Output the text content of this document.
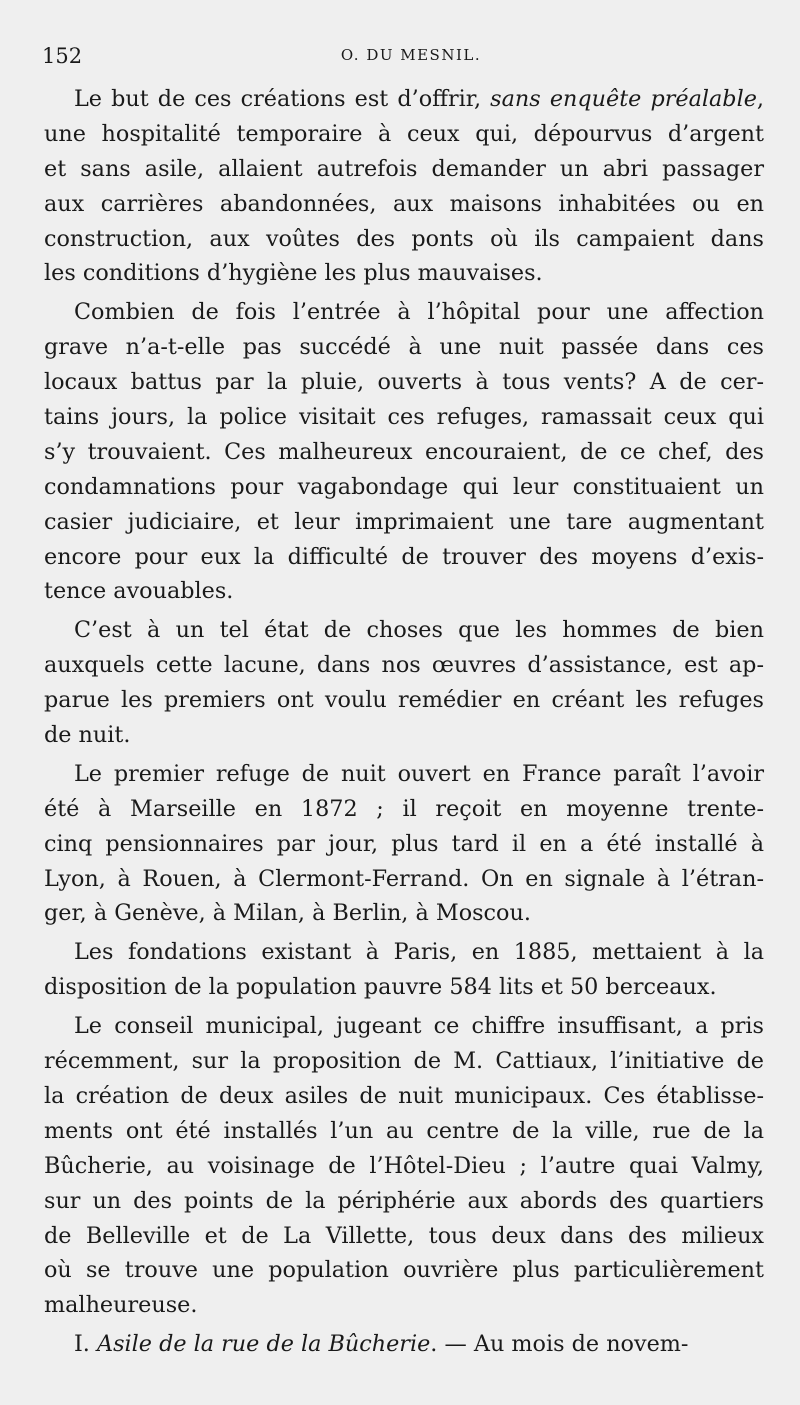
152	O. DU MESNIL.
Le but de ces créations est d’offrir, sans enquête préalable,
une hospitalité temporaire à ceux qui, dépourvus d’argent
et sans asile, allaient autrefois demander un abri passager
aux carrières abandonnées, aux maisons inhabitées ou en
construction, aux voûtes des ponts où ils campaient dans
les conditions d’hygiène les plus mauvaises.
Combien de fois l’entrée à l’hôpital pour une affection
grave n’a-t-elle pas succédé à une nuit passée dans ces
locaux battus par la pluie, ouverts à tous vents? A de cer-
tains jours, la police visitait ces refuges, ramassait ceux qui
s’y trouvaient. Ces malheureux encouraient, de ce chef, des
condamnations pour vagabondage qui leur constituaient un
casier judiciaire, et leur imprimaient une tare augmentant
encore pour eux la difficulté de trouver des moyens d’exis-
tence avouables.
C’est à un tel état de choses que les hommes de bien
auxquels cette lacune, dans nos œuvres d’assistance, est ap-
parue les premiers ont voulu remédier en créant les refuges
de nuit.
Le premier refuge de nuit ouvert en France paraît l’avoir
été à Marseille en 1872 ; il reçoit en moyenne trente-
cinq pensionnaires par jour, plus tard il en a été installé à
Lyon, à Rouen, à Clermont-Ferrand. On en signale à l’étran-
ger, à Genève, à Milan, à Berlin, à Moscou.
Les fondations existant à Paris, en 1885, mettaient à la
disposition de la population pauvre 584 lits et 50 berceaux.
Le conseil municipal, jugeant ce chiffre insuffisant, a pris
récemment, sur la proposition de M. Cattiaux, l’initiative de
la création de deux asiles de nuit municipaux. Ces établisse-
ments ont été installés l’un au centre de la ville, rue de la
Bûcherie, au voisinage de l’Hôtel-Dieu ; l’autre quai Valmy,
sur un des points de la périphérie aux abords des quartiers
de Belleville et de La Villette, tous deux dans des milieux
où se trouve une population ouvrière plus particulièrement
malheureuse.
I. Asile de la rue de la Bûcherie. — Au mois de novem-
